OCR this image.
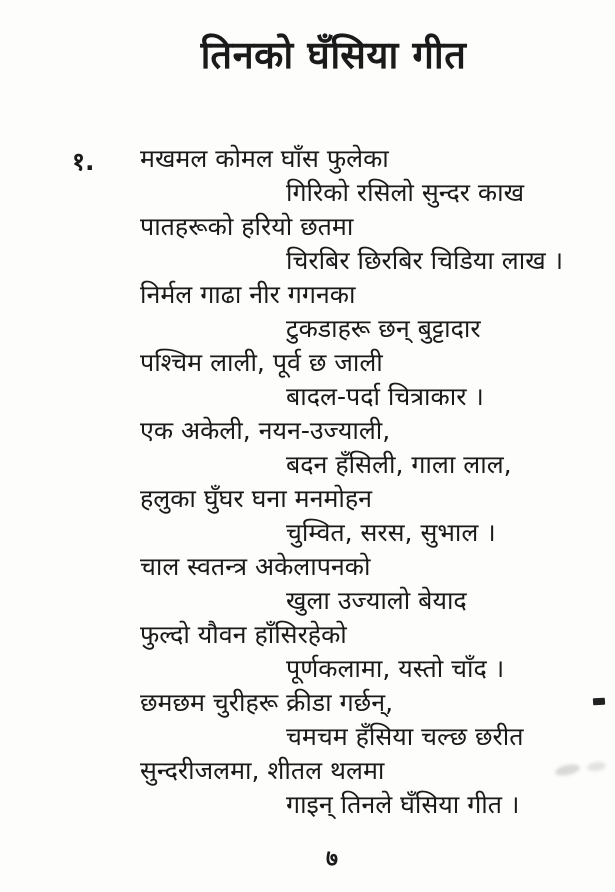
तिनको घँसिया गीत
१. मखमल कोमल घाँस फुलेका
गिरिको रसिलो सुन्दर काख
पातहरूको हरियो छतमा
चिरबिर छिरबिर चिडिया लाख ।
निर्मल गाढा नीर गगनका
टुकडाहरू छन् बुट्टादार
पश्चिम लाली, पूर्व छ जाली
बादल-पर्दा चित्राकार ।
एक अकेली, नयन-उज्याली,
बदन हँसिली, गाला लाल,
हलुका घुँघर घना मनमोहन
चुम्वित, सरस, सुभाल ।
चाल स्वतन्त्र अकेलापनको
खुला उज्यालो बेयाद
फुल्दो यौवन हाँसिरहेको
पूर्णकलामा, यस्तो चाँद ।
छमछम चुरीहरू क्रीडा गर्छन्,
चमचम हँसिया चल्छ छरीत
सुन्दरीजलमा, शीतल थलमा
गाइन् तिनले घँसिया गीत ।
७
